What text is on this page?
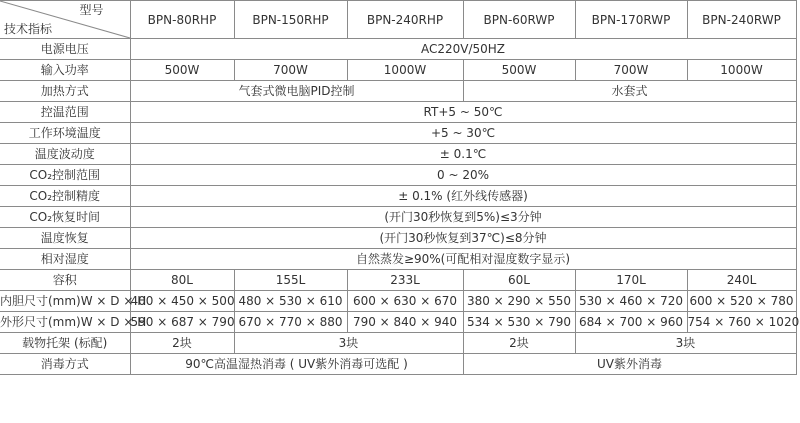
型号
技术指标	BPN-80RHP	BPN-150RHP	BPN-240RHP	BPN-60RWP	BPN-170RWP	BPN-240RWP
电源电压	AC220V/50HZ					
输入功率	500W	700W	1000W	500W	700W	1000W
加热方式	气套式微电脑PID控制			水套式		
控温范围	RT+5 ~ 50℃					
工作环境温度	+5 ~ 30℃					
温度波动度	± 0.1℃					
CO₂控制范围	0 ~ 20%					
CO₂控制精度	± 0.1% (红外线传感器)					
CO₂恢复时间	(开门30秒恢复到5%)≤3分钟					
温度恢复	(开门30秒恢复到37℃)≤8分钟					
相对湿度	自然蒸发≥90%(可配相对湿度数字显示)					
容积	80L	155L	233L	60L	170L	240L
内胆尺寸(mm)W × D × H	400 × 450 × 500	480 × 530 × 610	600 × 630 × 670	380 × 290 × 550	530 × 460 × 720	600 × 520 × 780
外形尺寸(mm)W × D × H	590 × 687 × 790	670 × 770 × 880	790 × 840 × 940	534 × 530 × 790	684 × 700 × 960	754 × 760 × 1020
载物托架 (标配)	2块	3块		2块	3块	
消毒方式	90℃高温湿热消毒 ( UV紫外消毒可选配 )			UV紫外消毒		
